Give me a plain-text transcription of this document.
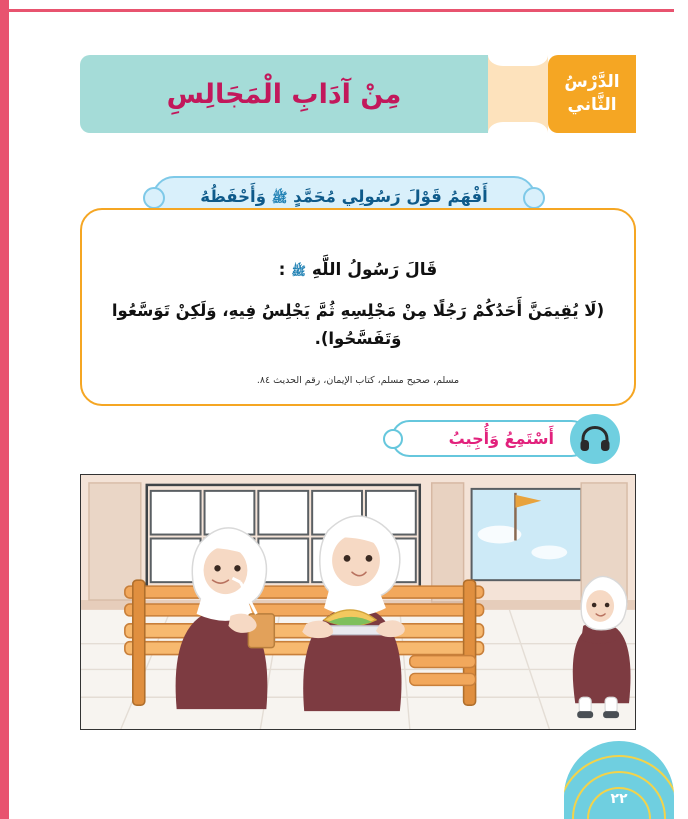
مِنْ آدَابِ الْمَجَالِسِ	الدَّرْسُ
الثَّاني
أَفْهَمُ قَوْلَ رَسُولِي مُحَمَّدٍ ﷺ وَأَحْفَظُهُ
قَالَ رَسُولُ اللَّهِ ﷺ :
(لَا يُقِيمَنَّ أَحَدُكُمْ رَجُلًا مِنْ مَجْلِسِهِ ثُمَّ يَجْلِسُ فِيهِ، وَلَكِنْ تَوَسَّعُوا وَتَفَسَّحُوا).
مسلم، صحيح مسلم، كتاب الإيمان، رقم الحديث ٨٤.
أَسْتَمِعُ وَأُجِيبُ
٢٢
